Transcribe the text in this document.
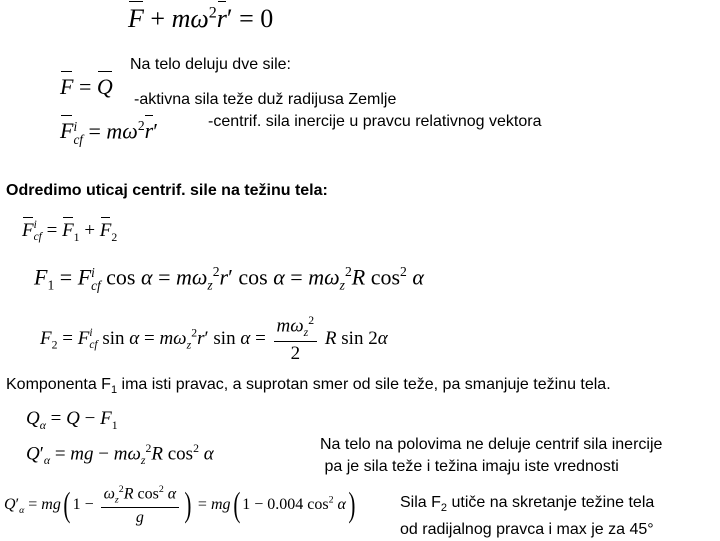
$F + m\omega^2r' = 0$
Na telo deluju dve sile:
F = Q
-aktivna sila teže duž radijusa Zemlje
F i
cf = $m\omega^2r'$	-centrif. sila inercije u pravcu relativnog vektora
Odredimo uticaj centrif. sile na težinu tela:
F i
cf = $F_1 + F_2$
$F_1 = F$ i
cf $\cos \alpha = m\omega_z^2r'$ $\cos \alpha = m\omega_z^2R$ $\cos^2 \alpha$
$F_2 = F$ i
cf $\sin \alpha = m\omega_z^2r'$ $\sin \alpha = \frac{m\omega_z^2}{2}$ R sin 2α
Komponenta $F_1$ ima isti pravac, a suprotan smer od sile teže, pa smanjuje težinu tela.
$Q_\alpha = Q - F_1$
$Q'_\alpha$ = mg − $m\omega_z^2R$ $\cos^2 \alpha$	Na telo na polovima ne deluje centrif sila inercije
pa je sila teže i težina imaju iste vrednosti
$Q'_\alpha = mg$( $1 - \frac{\omega_z^2R \cos^2 \alpha}{g}$ ) = mg( 1 − 0.004 $\cos^2 \alpha$)	Sila $F_2$ utiče na skretanje težine tela
od radijalnog pravca i max je za 45°
